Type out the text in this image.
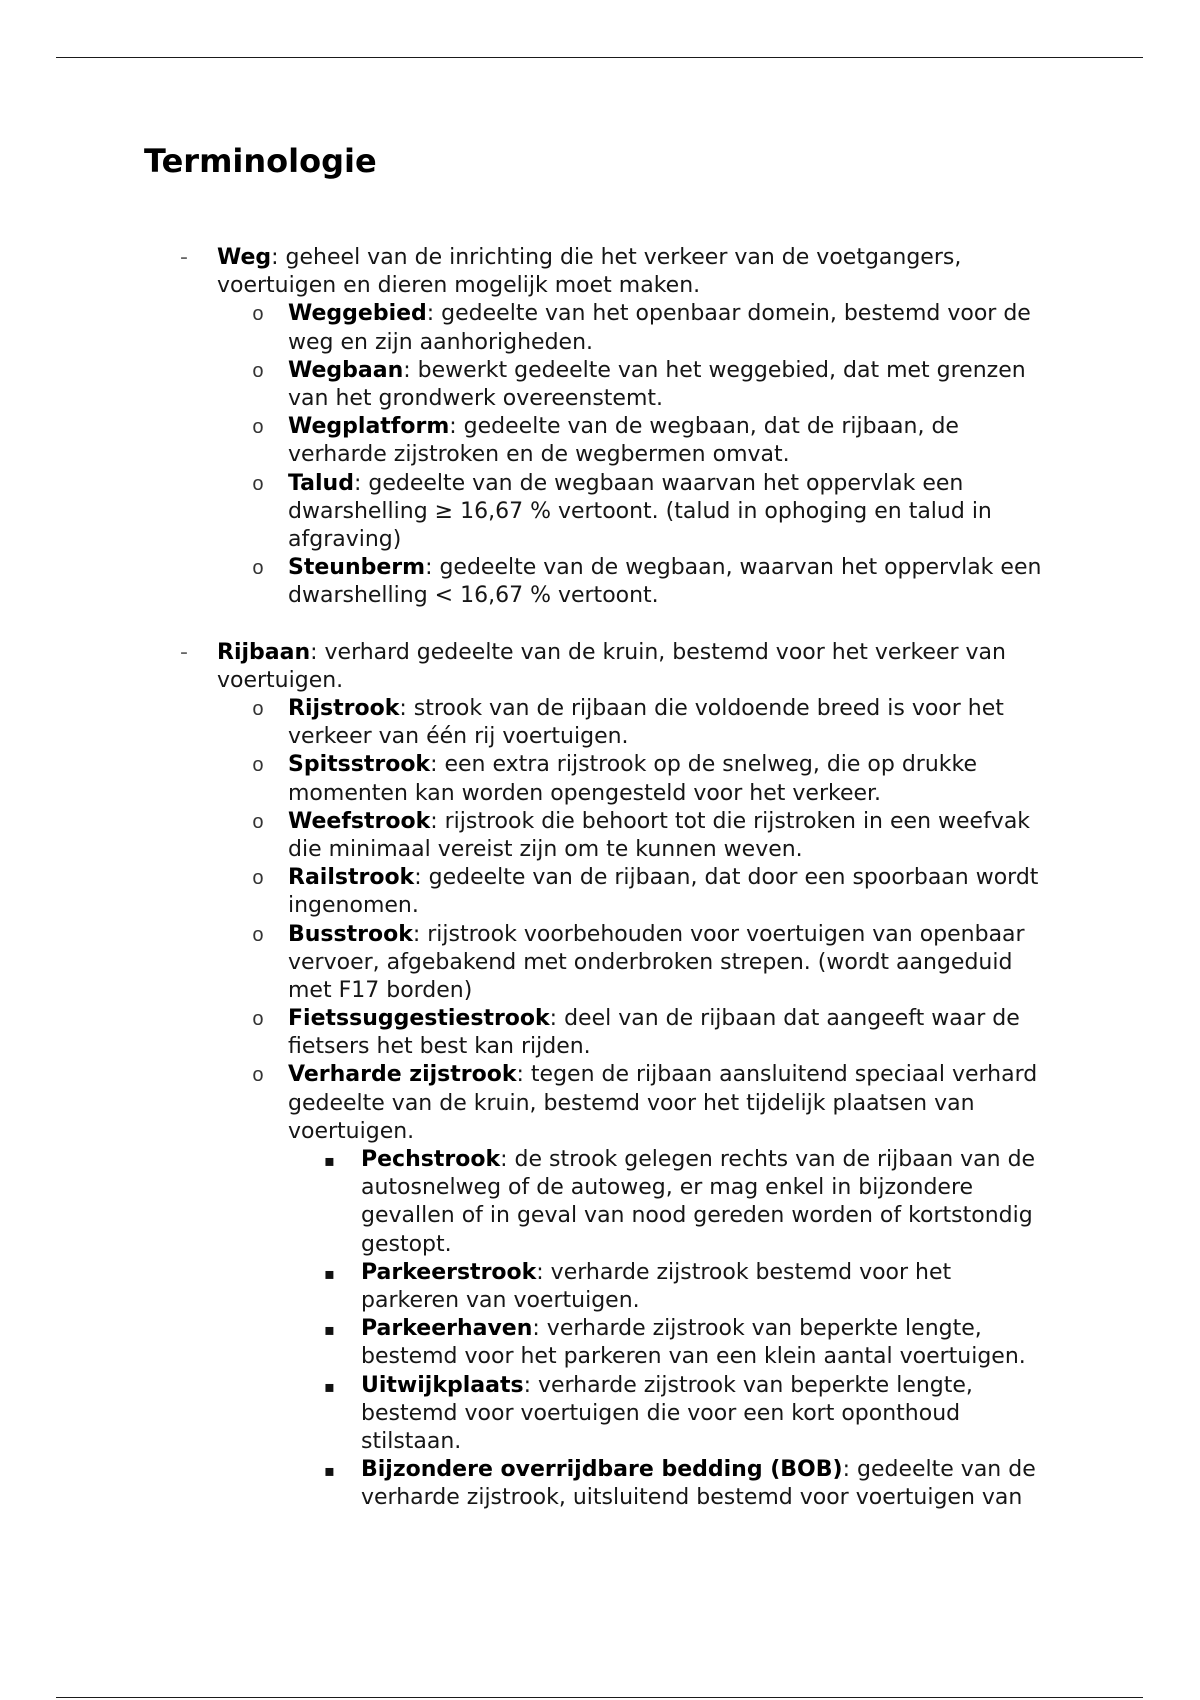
Terminologie
-	Weg: geheel van de inrichting die het verkeer van de voetgangers,
voertuigen en dieren mogelijk moet maken.
o	Weggebied: gedeelte van het openbaar domein, bestemd voor de
weg en zijn aanhorigheden.
o	Wegbaan: bewerkt gedeelte van het weggebied, dat met grenzen
van het grondwerk overeenstemt.
o	Wegplatform: gedeelte van de wegbaan, dat de rijbaan, de
verharde zijstroken en de wegbermen omvat.
o	Talud: gedeelte van de wegbaan waarvan het oppervlak een
dwarshelling ≥ 16,67 % vertoont. (talud in ophoging en talud in
afgraving)
o	Steunberm: gedeelte van de wegbaan, waarvan het oppervlak een
dwarshelling < 16,67 % vertoont.
-	Rijbaan: verhard gedeelte van de kruin, bestemd voor het verkeer van
voertuigen.
o	Rijstrook: strook van de rijbaan die voldoende breed is voor het
verkeer van één rij voertuigen.
o	Spitsstrook: een extra rijstrook op de snelweg, die op drukke
momenten kan worden opengesteld voor het verkeer.
o	Weefstrook: rijstrook die behoort tot die rijstroken in een weefvak
die minimaal vereist zijn om te kunnen weven.
o	Railstrook: gedeelte van de rijbaan, dat door een spoorbaan wordt
ingenomen.
o	Busstrook: rijstrook voorbehouden voor voertuigen van openbaar
vervoer, afgebakend met onderbroken strepen. (wordt aangeduid
met F17 borden)
o	Fietssuggestiestrook: deel van de rijbaan dat aangeeft waar de
fietsers het best kan rijden.
o	Verharde zijstrook: tegen de rijbaan aansluitend speciaal verhard
gedeelte van de kruin, bestemd voor het tijdelijk plaatsen van
voertuigen.
▪	Pechstrook: de strook gelegen rechts van de rijbaan van de
autosnelweg of de autoweg, er mag enkel in bijzondere
gevallen of in geval van nood gereden worden of kortstondig
gestopt.
▪	Parkeerstrook: verharde zijstrook bestemd voor het
parkeren van voertuigen.
▪	Parkeerhaven: verharde zijstrook van beperkte lengte,
bestemd voor het parkeren van een klein aantal voertuigen.
▪	Uitwijkplaats: verharde zijstrook van beperkte lengte,
bestemd voor voertuigen die voor een kort oponthoud
stilstaan.
▪	Bijzondere overrijdbare bedding (BOB): gedeelte van de
verharde zijstrook, uitsluitend bestemd voor voertuigen van
